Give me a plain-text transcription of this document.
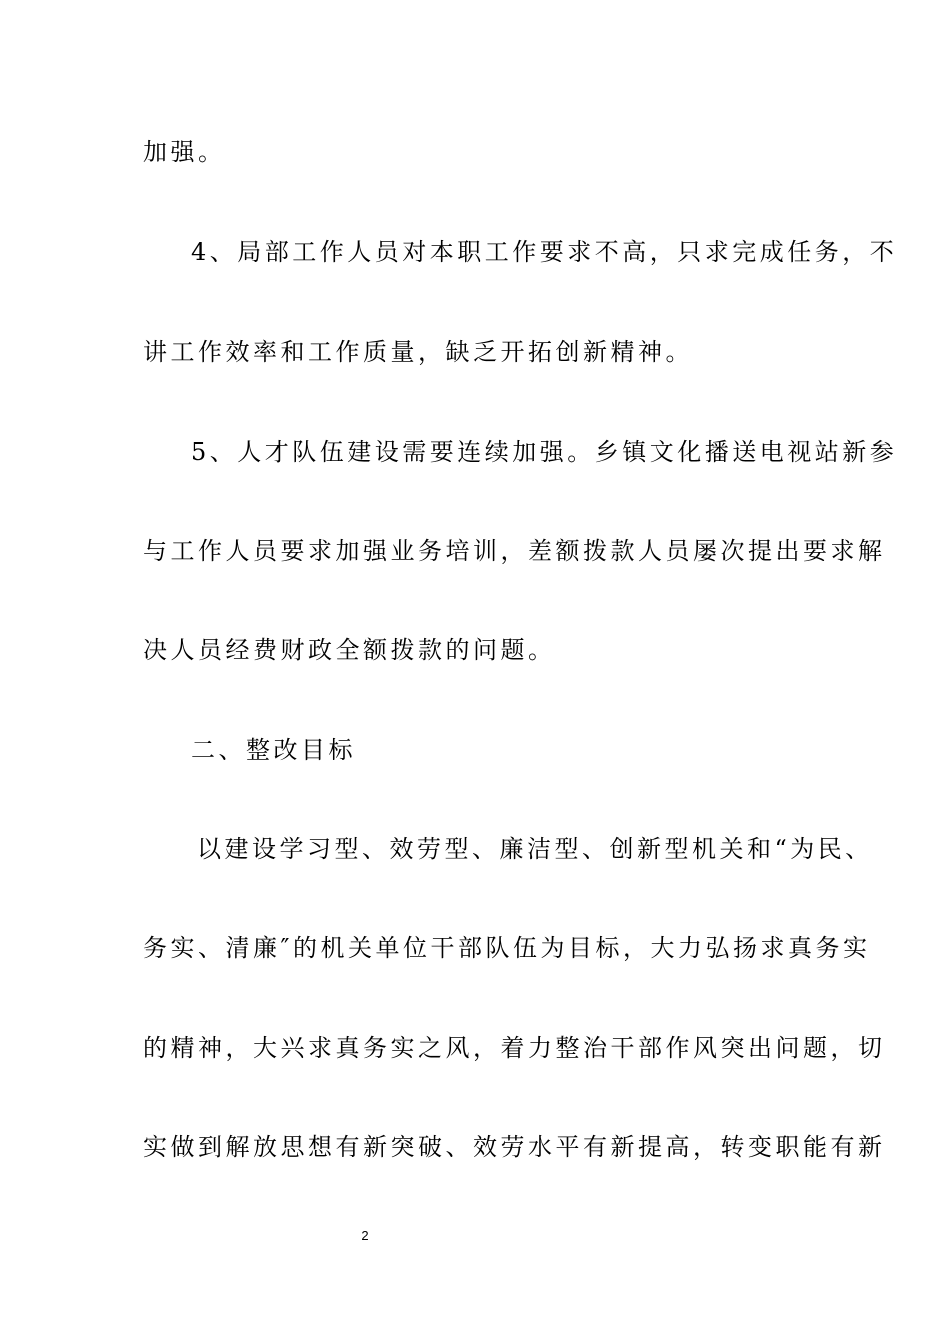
加强。
4、局部工作人员对本职工作要求不高，只求完成任务，不
讲工作效率和工作质量，缺乏开拓创新精神。
5、人才队伍建设需要连续加强。乡镇文化播送电视站新参
与工作人员要求加强业务培训，差额拨款人员屡次提出要求解
决人员经费财政全额拨款的问题。
二、整改目标
以建设学习型、效劳型、廉洁型、创新型机关和“为民、
务实、清廉″的机关单位干部队伍为目标，大力弘扬求真务实
的精神，大兴求真务实之风，着力整治干部作风突出问题，切
实做到解放思想有新突破、效劳水平有新提高，转变职能有新
2
